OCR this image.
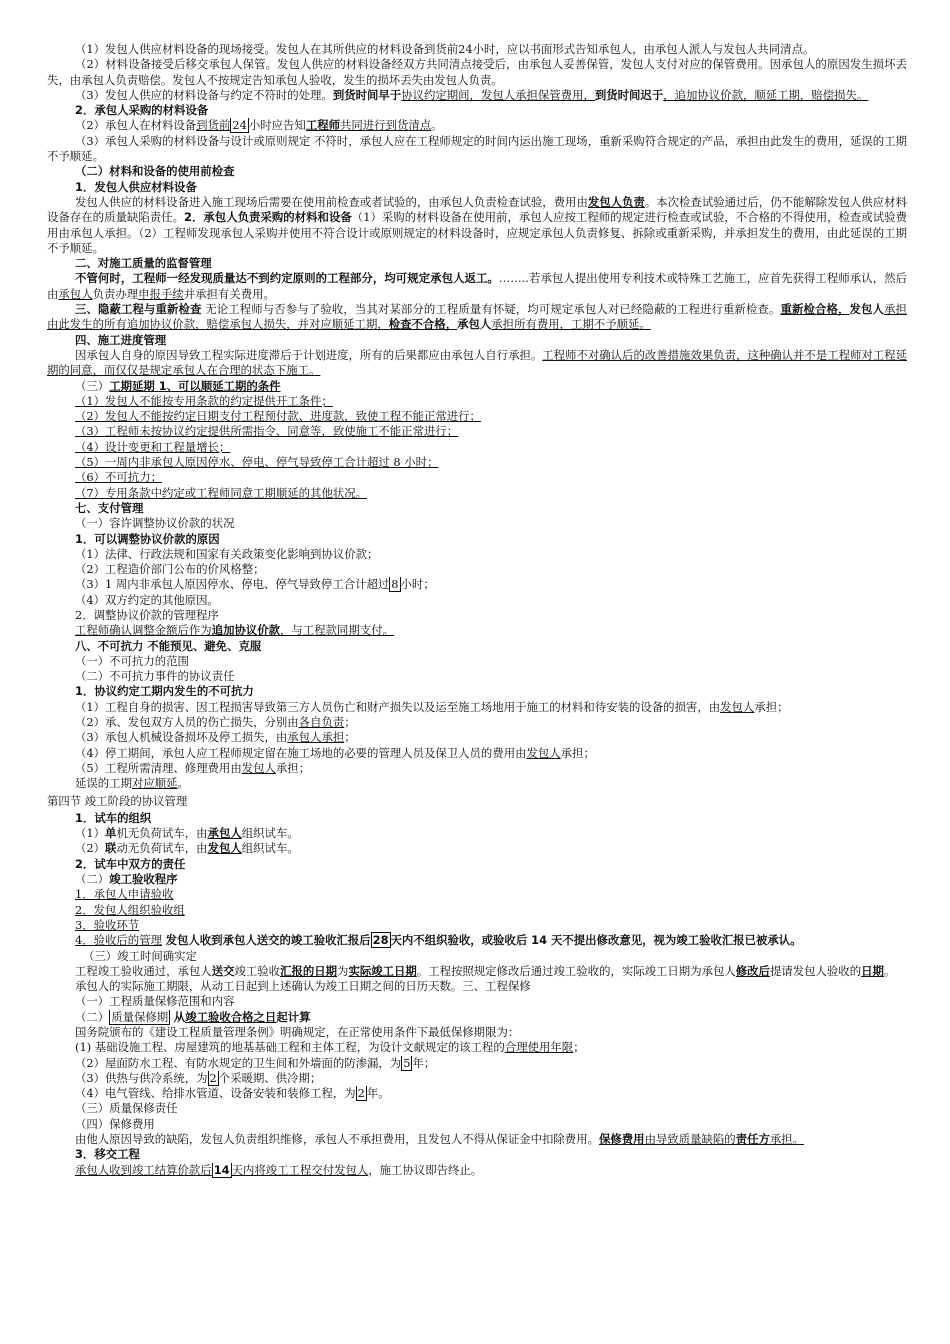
（1）发包人供应材料设备的现场接受。发包人在其所供应的材料设备到货前24小时，应以书面形式告知承包人，由承包人派人与发包人共同清点。
（2）材料设备接受后移交承包人保管。发包人供应的材料设备经双方共同清点接受后，由承包人妥善保管，发包人支付对应的保管费用。因承包人的原因发生损坏丢失，由承包人负责赔偿。发包人不按规定告知承包人验收，发生的损坏丢失由发包人负责。
（3）发包人供应的材料设备与约定不符时的处理。到货时间早于协议约定期间，发包人承担保管费用，到货时间迟于，追加协议价款，顺延工期，赔偿损失。
2．承包人采购的材料设备
（2）承包人在材料设备到货前 24 小时应告知工程师共同进行到货清点。
（3）承包人采购的材料设备与设计或原则规定 不符时，承包人应在工程师规定的时间内运出施工现场，重新采购符合规定的产品，承担由此发生的费用，延误的工期不予顺延。
（二）材料和设备的使用前检查
1．发包人供应材料设备
发包人供应的材料设备进入施工现场后需要在使用前检查或者试验的，由承包人负责检查试验，费用由发包人负责。本次检查试验通过后，仍不能解除发包人供应材料设备存在的质量缺陷责任。2．承包人负责采购的材料和设备（1）采购的材料设备在使用前，承包人应按工程师的规定进行检查或试验，不合格的不得使用，检查或试验费用由承包人承担。（2）工程师发现承包人采购并使用不符合设计或原则规定的材料设备时，应规定承包人负责修复、拆除或重新采购，并承担发生的费用，由此延误的工期不予顺延。
二、对施工质量的监督管理
不管何时，工程师一经发现质量达不到约定原则的工程部分，均可规定承包人返工。……..若承包人提出使用专利技术或特殊工艺施工，应首先获得工程师承认，然后由承包人负责办理申报手续并承担有关费用。
三、隐蔽工程与重新检查 无论工程师与否参与了验收，当其对某部分的工程质量有怀疑，均可规定承包人对已经隐蔽的工程进行重新检查。重新检合格，发包人承担由此发生的所有追加协议价款，赔偿承包人损失，并对应顺延工期，检查不合格，承包人承担所有费用，工期不予顺延。
四、施工进度管理
因承包人自身的原因导致工程实际进度滞后于计划进度，所有的后果都应由承包人自行承担。工程师不对确认后的改善措施效果负责，这种确认并不是工程师对工程延期的同意，而仅仅是规定承包人在合理的状态下施工。
（三）工期延期 1、可以顺延工期的条件
（1）发包人不能按专用条款的约定提供开工条件；
（2）发包人不能按约定日期支付工程预付款、进度款，致使工程不能正常进行；
（3）工程师未按协议约定提供所需指令、同意等，致使施工不能正常进行；
（4）设计变更和工程量增长；
（5）一周内非承包人原因停水、停电、停气导致停工合计超过 8 小时；
（6）不可抗力；
（7）专用条款中约定或工程师同意工期顺延的其他状况。
七、支付管理
（一）容许调整协议价款的状况
1．可以调整协议价款的原因
（1）法律、行政法规和国家有关政策变化影响到协议价款；
（2）工程造价部门公布的价风格整；
（3）1 周内非承包人原因停水、停电、停气导致停工合计超过 8 小时；
（4）双方约定的其他原因。
2．调整协议价款的管理程序
工程师确认调整金额后作为追加协议价款，与工程款同期支付。
八、不可抗力 不能预见、避免、克服
（一）不可抗力的范围
（二）不可抗力事件的协议责任
1．协议约定工期内发生的不可抗力
（1）工程自身的损害、因工程损害导致第三方人员伤亡和财产损失以及运至施工场地用于施工的材料和待安装的设备的损害，由发包人承担；
（2）承、发包双方人员的伤亡损失，分别由各自负责；
（3）承包人机械设备损坏及停工损失，由承包人承担；
（4）停工期间，承包人应工程师规定留在施工场地的必要的管理人员及保卫人员的费用由发包人承担；
（5）工程所需清理、修理费用由发包人承担；
延误的工期对应顺延。
第四节 竣工阶段的协议管理
1．试车的组织
（1）单机无负荷试车，由承包人组织试车。
（2）联动无负荷试车，由发包人组织试车。
2．试车中双方的责任
（二）竣工验收程序
1．承包人申请验收
2．发包人组织验收组
3．验收环节
4．验收后的管理 发包人收到承包人送交的竣工验收汇报后 28 天内不组织验收，或验收后 14 天不提出修改意见，视为竣工验收汇报已被承认。
（三）竣工时间确实定
工程竣工验收通过，承包人送交竣工验收汇报的日期为实际竣工日期。工程按照规定修改后通过竣工验收的，实际竣工日期为承包人修改后提请发包人验收的日期。
承包人的实际施工期限，从动工日起到上述确认为竣工日期之间的日历天数。三、工程保修
（一）工程质量保修范围和内容
（二） 质量保修期 从竣工验收合格之日起计算
国务院颁布的《建设工程质量管理条例》明确规定，在正常使用条件下最低保修期限为：
(1) 基础设施工程、房屋建筑的地基基础工程和主体工程，为设计文献规定的该工程的合理使用年限；
（2）屋面防水工程、有防水规定的卫生间和外墙面的防渗漏，为 5 年；
（3）供热与供冷系统，为 2 个采暖期、供冷期；
（4）电气管线、给排水管道、设备安装和装修工程，为 2 年。
（三）质量保修责任
（四）保修费用
由他人原因导致的缺陷，发包人负责组织维修，承包人不承担费用，且发包人不得从保证金中扣除费用。保修费用由导致质量缺陷的责任方承担。
3．移交工程
承包人收到竣工结算价款后 14 天内将竣工工程交付发包人，施工协议即告终止。
